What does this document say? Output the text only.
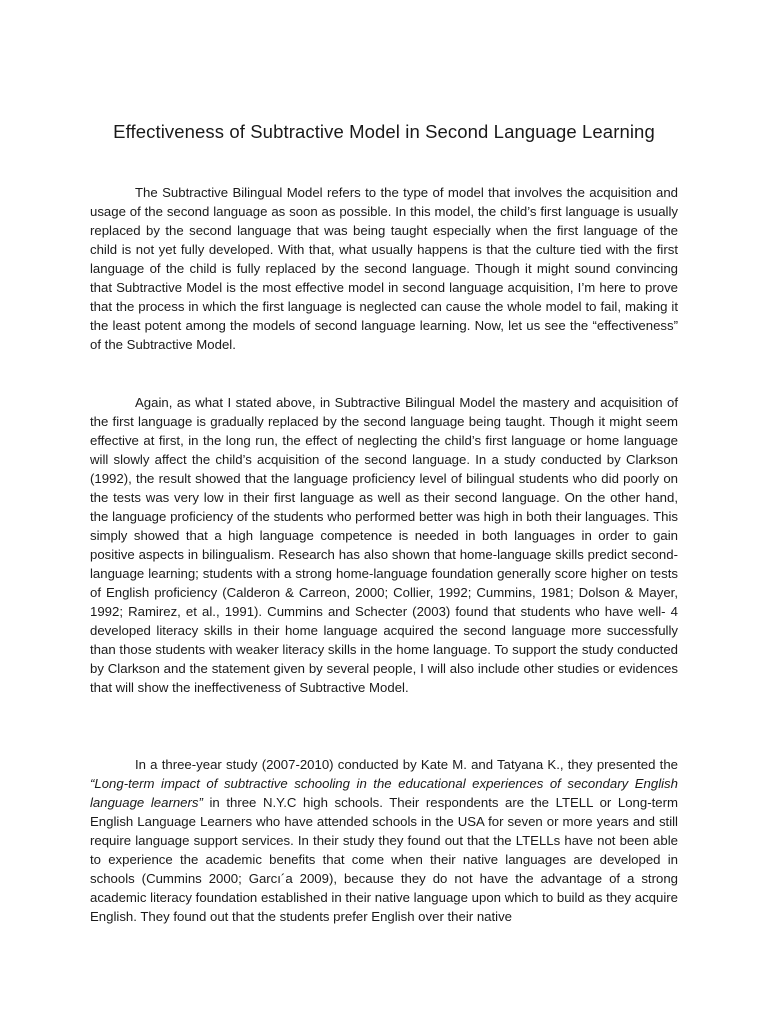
Effectiveness of Subtractive Model in Second Language Learning

The Subtractive Bilingual Model refers to the type of model that involves the acquisition and usage of the second language as soon as possible. In this model, the child’s first language is usually replaced by the second language that was being taught especially when the first language of the child is not yet fully developed. With that, what usually happens is that the culture tied with the first language of the child is fully replaced by the second language. Though it might sound convincing that Subtractive Model is the most effective model in second language acquisition, I’m here to prove that the process in which the first language is neglected can cause the whole model to fail, making it the least potent among the models of second language learning. Now, let us see the “effectiveness” of the Subtractive Model.

Again, as what I stated above, in Subtractive Bilingual Model the mastery and acquisition of the first language is gradually replaced by the second language being taught. Though it might seem effective at first, in the long run, the effect of neglecting the child’s first language or home language will slowly affect the child’s acquisition of the second language. In a study conducted by Clarkson (1992), the result showed that the language proficiency level of bilingual students who did poorly on the tests was very low in their first language as well as their second language. On the other hand, the language proficiency of the students who performed better was high in both their languages. This simply showed that a high language competence is needed in both languages in order to gain positive aspects in bilingualism. Research has also shown that home-language skills predict second-language learning; students with a strong home-language foundation generally score higher on tests of English proficiency (Calderon & Carreon, 2000; Collier, 1992; Cummins, 1981; Dolson & Mayer, 1992; Ramirez, et al., 1991). Cummins and Schecter (2003) found that students who have well- 4 developed literacy skills in their home language acquired the second language more successfully than those students with weaker literacy skills in the home language. To support the study conducted by Clarkson and the statement given by several people, I will also include other studies or evidences that will show the ineffectiveness of Subtractive Model.

In a three-year study (2007-2010) conducted by Kate M. and Tatyana K., they presented the “Long-term impact of subtractive schooling in the educational experiences of secondary English language learners” in three N.Y.C high schools. Their respondents are the LTELL or Long-term English Language Learners who have attended schools in the USA for seven or more years and still require language support services. In their study they found out that the LTELLs have not been able to experience the academic benefits that come when their native languages are developed in schools (Cummins 2000; Garcı´a 2009), because they do not have the advantage of a strong academic literacy foundation established in their native language upon which to build as they acquire English. They found out that the students prefer English over their native
